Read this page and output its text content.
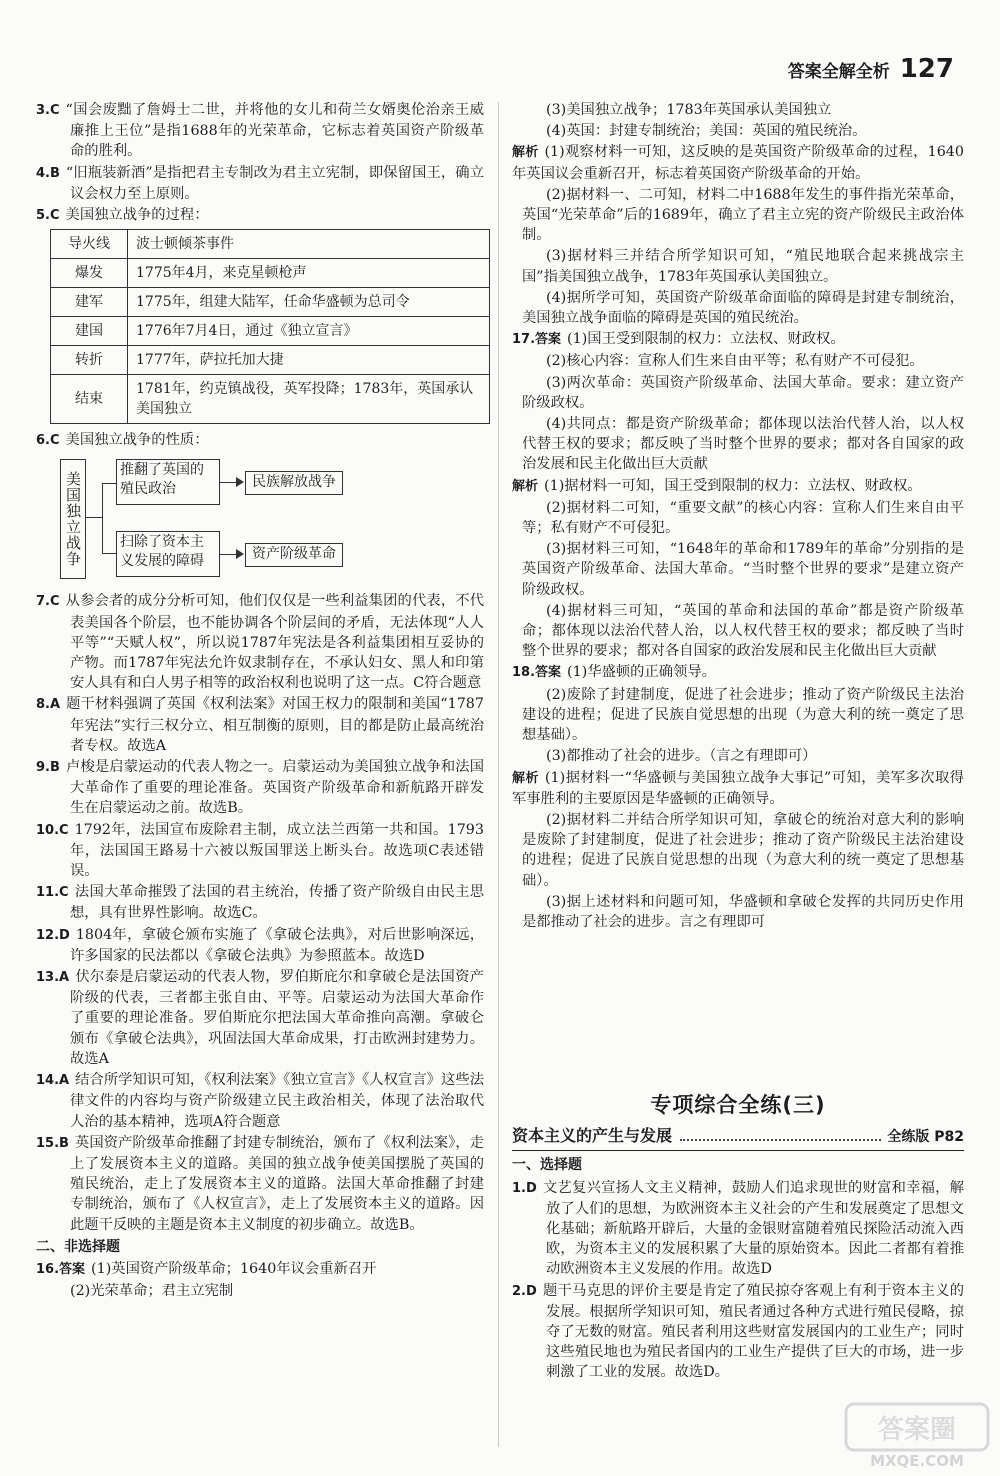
答案全解全析 127

3.C “国会废黜了詹姆士二世，并将他的女儿和荷兰女婿奥伦治亲王威廉推上王位”是指1688年的光荣革命，它标志着英国资产阶级革命的胜利。

4.B “旧瓶装新酒”是指把君主专制改为君主立宪制，即保留国王，确立议会权力至上原则。

5.C 美国独立战争的过程：

导火线	波士顿倾茶事件
爆发	1775年4月，来克星顿枪声
建军	1775年，组建大陆军，任命华盛顿为总司令
建国	1776年7月4日，通过《独立宣言》
转折	1777年，萨拉托加大捷
结束	1781年，约克镇战役，英军投降；1783年，英国承认美国独立

6.C 美国独立战争的性质：

美国独立战争
推翻了英国的殖民政治
扫除了资本主义发展的障碍
民族解放战争
资产阶级革命

7.C 从参会者的成分分析可知，他们仅仅是一些利益集团的代表，不代表美国各个阶层，也不能协调各个阶层间的矛盾，无法体现“人人平等”“天赋人权”，所以说1787年宪法是各利益集团相互妥协的产物。而1787年宪法允许奴隶制存在，不承认妇女、黑人和印第安人具有和白人男子相等的政治权利也说明了这一点。C符合题意

8.A 题干材料强调了英国《权利法案》对国王权力的限制和美国“1787年宪法”实行三权分立、相互制衡的原则，目的都是防止最高统治者专权。故选A

9.B 卢梭是启蒙运动的代表人物之一。启蒙运动为美国独立战争和法国大革命作了重要的理论准备。英国资产阶级革命和新航路开辟发生在启蒙运动之前。故选B。

10.C 1792年，法国宣布废除君主制，成立法兰西第一共和国。1793年，法国国王路易十六被以叛国罪送上断头台。故选项C表述错误。

11.C 法国大革命摧毁了法国的君主统治，传播了资产阶级自由民主思想，具有世界性影响。故选C。

12.D 1804年，拿破仑颁布实施了《拿破仑法典》，对后世影响深远，许多国家的民法都以《拿破仑法典》为参照蓝本。故选D

13.A 伏尔泰是启蒙运动的代表人物，罗伯斯庇尔和拿破仑是法国资产阶级的代表，三者都主张自由、平等。启蒙运动为法国大革命作了重要的理论准备。罗伯斯庇尔把法国大革命推向高潮。拿破仑颁布《拿破仑法典》，巩固法国大革命成果，打击欧洲封建势力。故选A

14.A 结合所学知识可知，《权利法案》《独立宣言》《人权宣言》这些法律文件的内容均与资产阶级建立民主政治相关，体现了法治取代人治的基本精神，选项A符合题意

15.B 英国资产阶级革命推翻了封建专制统治，颁布了《权利法案》，走上了发展资本主义的道路。美国的独立战争使美国摆脱了英国的殖民统治，走上了发展资本主义的道路。法国大革命推翻了封建专制统治，颁布了《人权宣言》，走上了发展资本主义的道路。因此题干反映的主题是资本主义制度的初步确立。故选B。

二、非选择题

16.答案 (1)英国资产阶级革命；1640年议会重新召开

(2)光荣革命；君主立宪制

(3)美国独立战争；1783年英国承认美国独立

(4)英国：封建专制统治；美国：英国的殖民统治。

解析 (1)观察材料一可知，这反映的是英国资产阶级革命的过程，1640年英国议会重新召开，标志着英国资产阶级革命的开始。

(2)据材料一、二可知，材料二中1688年发生的事件指光荣革命，英国“光荣革命”后的1689年，确立了君主立宪的资产阶级民主政治体制。

(3)据材料三并结合所学知识可知，“殖民地联合起来挑战宗主国”指美国独立战争，1783年英国承认美国独立。

(4)据所学可知，英国资产阶级革命面临的障碍是封建专制统治，美国独立战争面临的障碍是英国的殖民统治。

17.答案 (1)国王受到限制的权力：立法权、财政权。

(2)核心内容：宣称人们生来自由平等；私有财产不可侵犯。

(3)两次革命：英国资产阶级革命、法国大革命。要求：建立资产阶级政权。

(4)共同点：都是资产阶级革命；都体现以法治代替人治，以人权代替王权的要求；都反映了当时整个世界的要求；都对各自国家的政治发展和民主化做出巨大贡献

解析 (1)据材料一可知，国王受到限制的权力：立法权、财政权。

(2)据材料二可知，“重要文献”的核心内容：宣称人们生来自由平等；私有财产不可侵犯。

(3)据材料三可知，“1648年的革命和1789年的革命”分别指的是英国资产阶级革命、法国大革命。“当时整个世界的要求”是建立资产阶级政权。

(4)据材料三可知，“英国的革命和法国的革命”都是资产阶级革命；都体现以法治代替人治，以人权代替王权的要求；都反映了当时整个世界的要求；都对各自国家的政治发展和民主化做出巨大贡献

18.答案 (1)华盛顿的正确领导。

(2)废除了封建制度，促进了社会进步；推动了资产阶级民主法治建设的进程；促进了民族自觉思想的出现（为意大利的统一奠定了思想基础）。

(3)都推动了社会的进步。（言之有理即可）

解析 (1)据材料一“华盛顿与美国独立战争大事记”可知，美军多次取得军事胜利的主要原因是华盛顿的正确领导。

(2)据材料二并结合所学知识可知，拿破仑的统治对意大利的影响是废除了封建制度，促进了社会进步；推动了资产阶级民主法治建设的进程；促进了民族自觉思想的出现（为意大利的统一奠定了思想基础）。

(3)据上述材料和问题可知，华盛顿和拿破仑发挥的共同历史作用是都推动了社会的进步。言之有理即可

专项综合全练(三)
资本主义的产生与发展	全练版 P82
一、选择题

1.D 文艺复兴宣扬人文主义精神，鼓励人们追求现世的财富和幸福，解放了人们的思想，为欧洲资本主义社会的产生和发展奠定了思想文化基础；新航路开辟后，大量的金银财富随着殖民探险活动流入西欧，为资本主义的发展积累了大量的原始资本。因此二者都有着推动欧洲资本主义发展的作用。故选D

2.D 题干马克思的评价主要是肯定了殖民掠夺客观上有利于资本主义的发展。根据所学知识可知，殖民者通过各种方式进行殖民侵略，掠夺了无数的财富。殖民者利用这些财富发展国内的工业生产；同时这些殖民地也为殖民者国内的工业生产提供了巨大的市场，进一步刺激了工业的发展。故选D。

答案圈
MXQE.COM
